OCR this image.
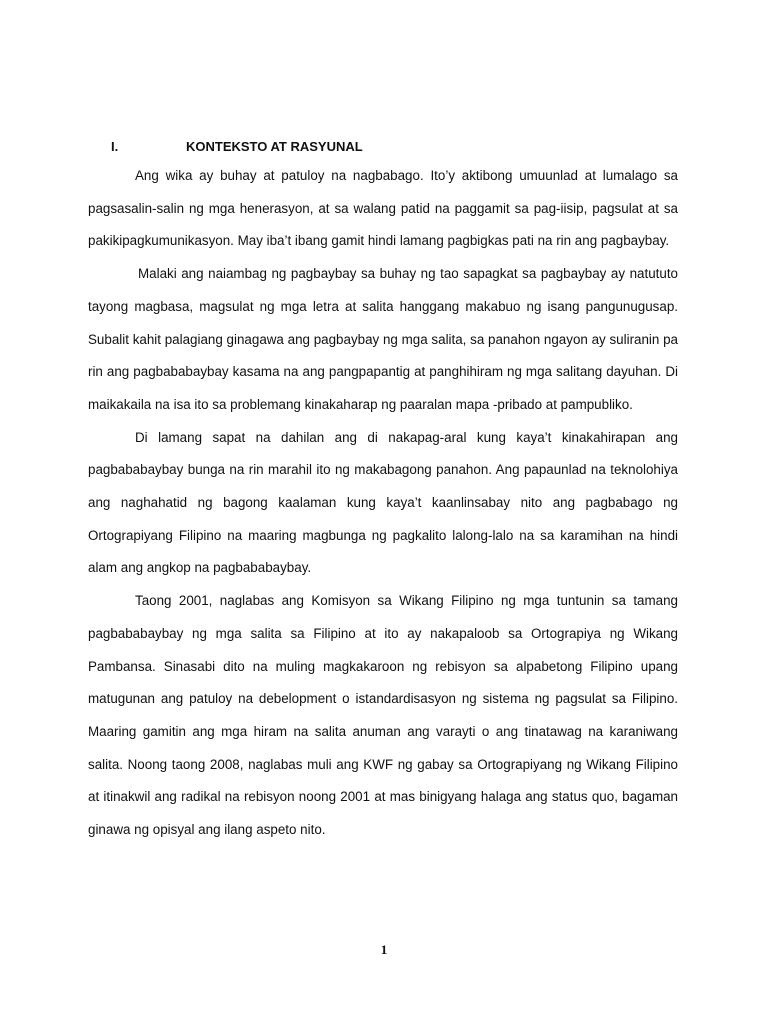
I.	KONTEKSTO AT RASYUNAL

Ang wika ay buhay at patuloy na nagbabago. Ito’y aktibong umuunlad at lumalago sa pagsasalin-salin ng mga henerasyon, at sa walang patid na paggamit sa pag-iisip, pagsulat at sa pakikipagkumunikasyon. May iba’t ibang gamit hindi lamang pagbigkas pati na rin ang pagbaybay.

Malaki ang naiambag ng pagbaybay sa buhay ng tao sapagkat sa pagbaybay ay natututo tayong magbasa, magsulat ng mga letra at salita hanggang makabuo ng isang pangunugusap. Subalit kahit palagiang ginagawa ang pagbaybay ng mga salita, sa panahon ngayon ay suliranin pa rin ang pagbababaybay kasama na ang pangpapantig at panghihiram ng mga salitang dayuhan. Di maikakaila na isa ito sa problemang kinakaharap ng paaralan mapa -pribado at pampubliko.

Di lamang sapat na dahilan ang di nakapag-aral kung kaya’t kinakahirapan ang pagbababaybay bunga na rin marahil ito ng makabagong panahon. Ang papaunlad na teknolohiya ang naghahatid ng bagong kaalaman kung kaya’t kaanlinsabay nito ang pagbabago ng Ortograpiyang Filipino na maaring magbunga ng pagkalito lalong-lalo na sa karamihan na hindi alam ang angkop na pagbababaybay.

Taong 2001, naglabas ang Komisyon sa Wikang Filipino ng mga tuntunin sa tamang pagbababaybay ng mga salita sa Filipino at ito ay nakapaloob sa Ortograpiya ng Wikang Pambansa. Sinasabi dito na muling magkakaroon ng rebisyon sa alpabetong Filipino upang matugunan ang patuloy na debelopment o istandardisasyon ng sistema ng pagsulat sa Filipino. Maaring gamitin ang mga hiram na salita anuman ang varayti o ang tinatawag na karaniwang salita. Noong taong 2008, naglabas muli ang KWF ng gabay sa Ortograpiyang ng Wikang Filipino at itinakwil ang radikal na rebisyon noong 2001 at mas binigyang halaga ang status quo, bagaman ginawa ng opisyal ang ilang aspeto nito.

1
